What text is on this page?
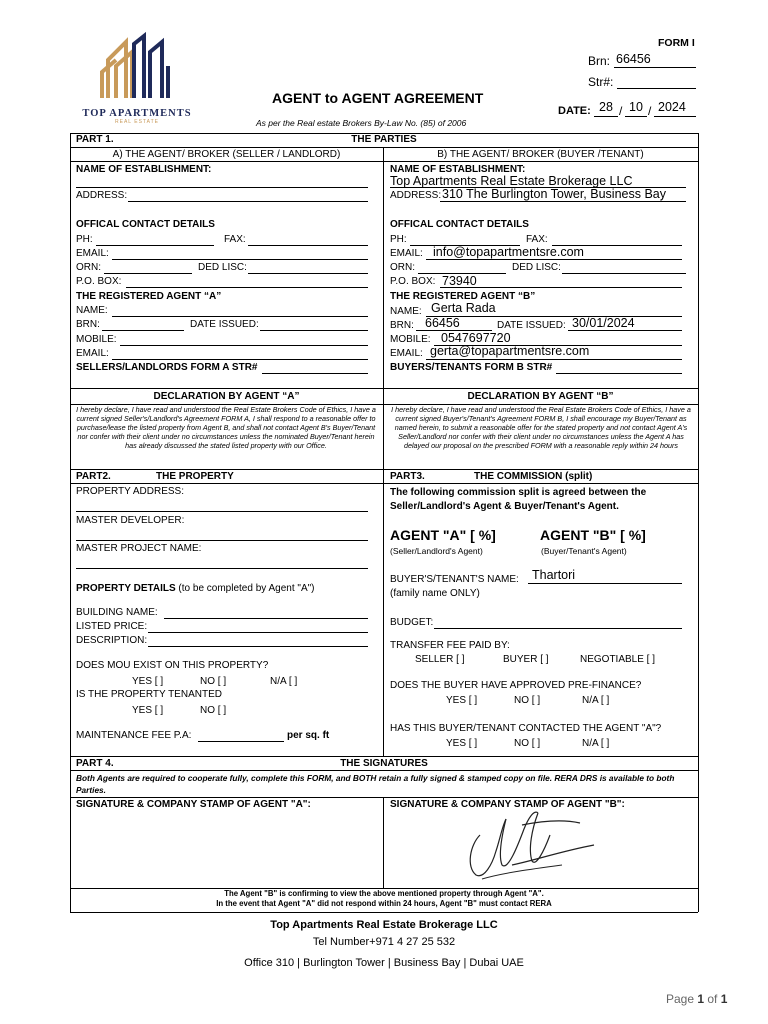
TOP APARTMENTS
REAL ESTATE
FORM I
Brn: 66456
Str#:
AGENT to AGENT AGREEMENT
As per the Real estate Brokers By-Law No. (85) of 2006
DATE: 28 / 10 / 2024
PART 1.	THE PARTIES
A) THE AGENT/ BROKER (SELLER / LANDLORD)	B) THE AGENT/ BROKER (BUYER /TENANT)
NAME OF ESTABLISHMENT:
ADDRESS:
OFFICAL CONTACT DETAILS
PH:	FAX:
EMAIL:
ORN:	DED LISC:
P.O. BOX:
THE REGISTERED AGENT “A”
NAME:
BRN:	DATE ISSUED:
MOBILE:
EMAIL:
SELLERS/LANDLORDS FORM A STR#
NAME OF ESTABLISHMENT:
Top Apartments Real Estate Brokerage LLC
ADDRESS: 310 The Burlington Tower, Business Bay
OFFICAL CONTACT DETAILS
PH:	FAX:
EMAIL: info@topapartmentsre.com
ORN:	DED LISC:
P.O. BOX: 73940
THE REGISTERED AGENT “B”
NAME: Gerta Rada
BRN: 66456	DATE ISSUED: 30/01/2024
MOBILE: 0547697720
EMAIL: gerta@topapartmentsre.com
BUYERS/TENANTS FORM B STR#
DECLARATION BY AGENT “A”	DECLARATION BY AGENT “B”
I hereby declare, I have read and understood the Real Estate Brokers Code of Ethics, I have a current signed Seller's/Landlord's Agreement FORM A, I shall respond to a reasonable offer to purchase/lease the listed property from Agent B, and shall not contact Agent B's Buyer/Tenant nor confer with their client under no circumstances unless the nominated Buyer/Tenant herein has already discussed the stated listed property with our Office.
I hereby declare, I have read and understood the Real Estate Brokers Code of Ethics, I have a current signed Buyer's/Tenant's Agreement FORM B, I shall encourage my Buyer/Tenant as named herein, to submit a reasonable offer for the stated property and not contact Agent A's Seller/Landlord nor confer with their client under no circumstances unless the Agent A has delayed our proposal on the prescribed FORM with a reasonable reply within 24 hours
PART2.	THE PROPERTY
PROPERTY ADDRESS:
MASTER DEVELOPER:
MASTER PROJECT NAME:
PROPERTY DETAILS (to be completed by Agent "A")
BUILDING NAME:
LISTED PRICE:
DESCRIPTION:
DOES MOU EXIST ON THIS PROPERTY?
YES [ ]	NO [ ]	N/A [ ]
IS THE PROPERTY TENANTED
YES [ ]	NO [ ]
MAINTENANCE FEE P.A:	per sq. ft
PART3.	THE COMMISSION (split)
The following commission split is agreed between the Seller/Landlord's Agent & Buyer/Tenant's Agent.
AGENT "A" [ %]	AGENT "B" [ %]
(Seller/Landlord's Agent)	(Buyer/Tenant's Agent)
BUYER'S/TENANT'S NAME: Thartori
(family name ONLY)
BUDGET:
TRANSFER FEE PAID BY:
SELLER [ ]	BUYER [ ]	NEGOTIABLE [ ]
DOES THE BUYER HAVE APPROVED PRE-FINANCE?
YES [ ]	NO [ ]	N/A [ ]
HAS THIS BUYER/TENANT CONTACTED THE AGENT "A"?
YES [ ]	NO [ ]	N/A [ ]
PART 4.	THE SIGNATURES
Both Agents are required to cooperate fully, complete this FORM, and BOTH retain a fully signed & stamped copy on file. RERA DRS is available to both Parties.
SIGNATURE & COMPANY STAMP OF AGENT "A":	SIGNATURE & COMPANY STAMP OF AGENT "B":
The Agent "B" is confirming to view the above mentioned property through Agent "A".
In the event that Agent "A" did not respond within 24 hours, Agent "B" must contact RERA
Top Apartments Real Estate Brokerage LLC
Tel Number+971 4 27 25 532
Office 310 | Burlington Tower | Business Bay | Dubai UAE
Page 1 of 1
